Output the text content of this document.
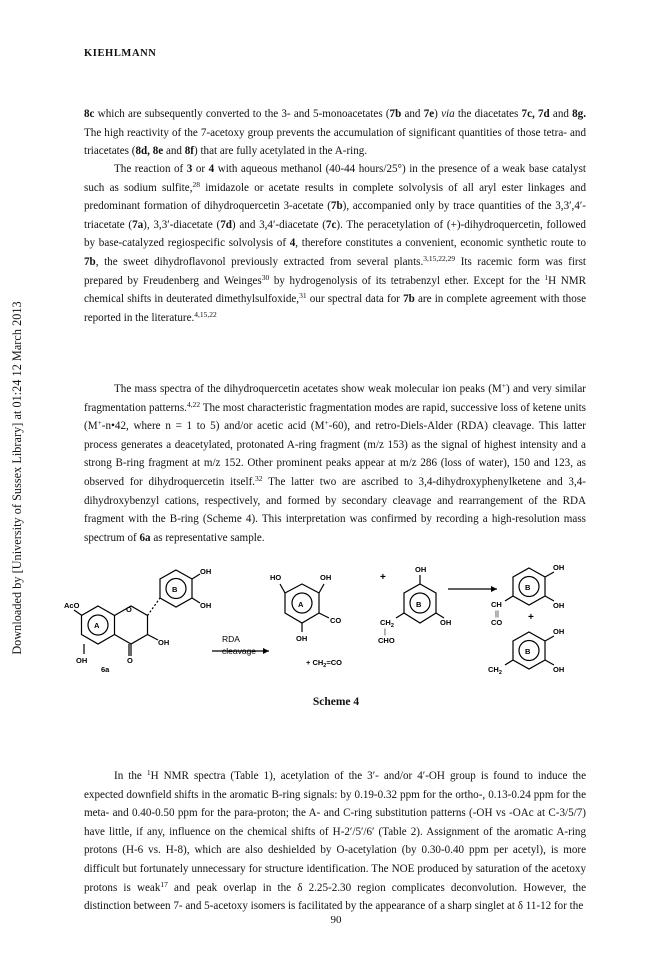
Downloaded by [University of Sussex Library] at 01:24 12 March 2013
KIEHLMANN

8c which are subsequently converted to the 3- and 5-monoacetates (7b and 7e) via the diacetates 7c, 7d and 8g. The high reactivity of the 7-acetoxy group prevents the accumulation of significant quantities of those tetra- and triacetates (8d, 8e and 8f) that are fully acetylated in the A-ring.

The reaction of 3 or 4 with aqueous methanol (40-44 hours/25°) in the presence of a weak base catalyst such as sodium sulfite,$^{28}$ imidazole or acetate results in complete solvolysis of all aryl ester linkages and predominant formation of dihydroquercetin 3-acetate (7b), accompanied only by trace quantities of the 3,3′,4′-triacetate (7a), 3,3′-diacetate (7d) and 3,4′-diacetate (7c). The peracetylation of (+)-dihydroquercetin, followed by base-catalyzed regiospecific solvolysis of 4, therefore constitutes a convenient, economic synthetic route to 7b, the sweet dihydroflavonol previously extracted from several plants.$^{3,15,22,29}$ Its racemic form was first prepared by Freudenberg and Weinges$^{30}$ by hydrogenolysis of its tetrabenzyl ether. Except for the $^1$H NMR chemical shifts in deuterated dimethylsulfoxide,$^{31}$ our spectral data for 7b are in complete agreement with those reported in the literature.$^{4,15,22}$

The mass spectra of the dihydroquercetin acetates show weak molecular ion peaks (M+) and very similar fragmentation patterns.$^{4,22}$ The most characteristic fragmentation modes are rapid, successive loss of ketene units (M+-n•42, where n = 1 to 5) and/or acetic acid (M+-60), and retro-Diels-Alder (RDA) cleavage. This latter process generates a deacetylated, protonated A-ring fragment (m/z 153) as the signal of highest intensity and a strong B-ring fragment at m/z 152. Other prominent peaks appear at m/z 286 (loss of water), 150 and 123, as observed for dihydroquercetin itself.$^{32}$ The latter two are ascribed to 3,4-dihydroxyphenylketene and 3,4-dihydroxybenzyl cations, respectively, and formed by secondary cleavage and rearrangement of the RDA fragment with the B-ring (Scheme 4). This interpretation was confirmed by recording a high-resolution mass spectrum of 6a as representative sample.

AcO
A
O
OH
OH	O
6a
B
OH
OH
RDA
cleavage
HO	OH
A
CO
OH
+ $CH_2=CO$
+
B
OH
OH
$CH_2$
|
CHO
B
OH
OH
CH
||
CO	+
B
OH
OH
$CH_2$
Scheme 4

In the $^1$H NMR spectra (Table 1), acetylation of the 3′- and/or 4′-OH group is found to induce the expected downfield shifts in the aromatic B-ring signals: by 0.19-0.32 ppm for the ortho-, 0.13-0.24 ppm for the meta- and 0.40-0.50 ppm for the para-proton; the A- and C-ring substitution patterns (-OH vs -OAc at C-3/5/7) have little, if any, influence on the chemical shifts of H-2′/5′/6′ (Table 2). Assignment of the aromatic A-ring protons (H-6 vs. H-8), which are also deshielded by O-acetylation (by 0.30-0.40 ppm per acetyl), is more difficult but fortunately unnecessary for structure identification. The NOE produced by saturation of the acetoxy protons is weak$^{17}$ and peak overlap in the δ 2.25-2.30 region complicates deconvolution. However, the distinction between 7- and 5-acetoxy isomers is facilitated by the appearance of a sharp singlet at δ 11-12 for the

90
